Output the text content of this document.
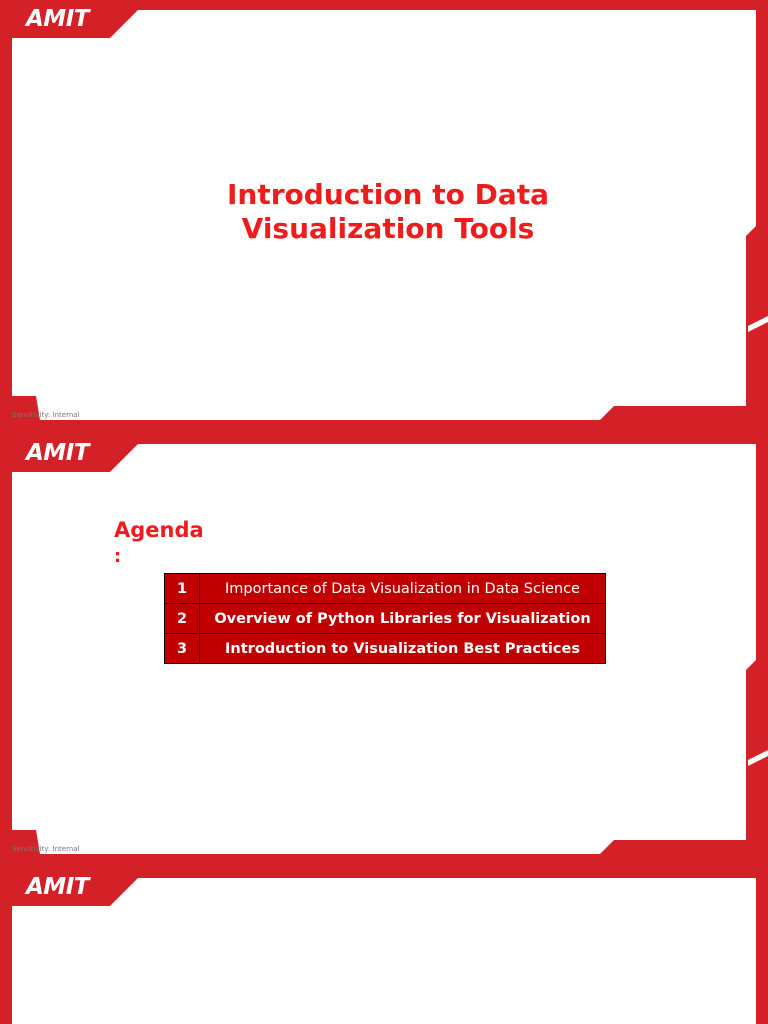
AMIT
Introduction to Data Visualization Tools
Sensitivity: Internal
AMIT
Sensitivity: Internal
Agenda
:
1	Importance of Data Visualization in Data Science
2	Overview of Python Libraries for Visualization
3	Introduction to Visualization Best Practices
AMIT
